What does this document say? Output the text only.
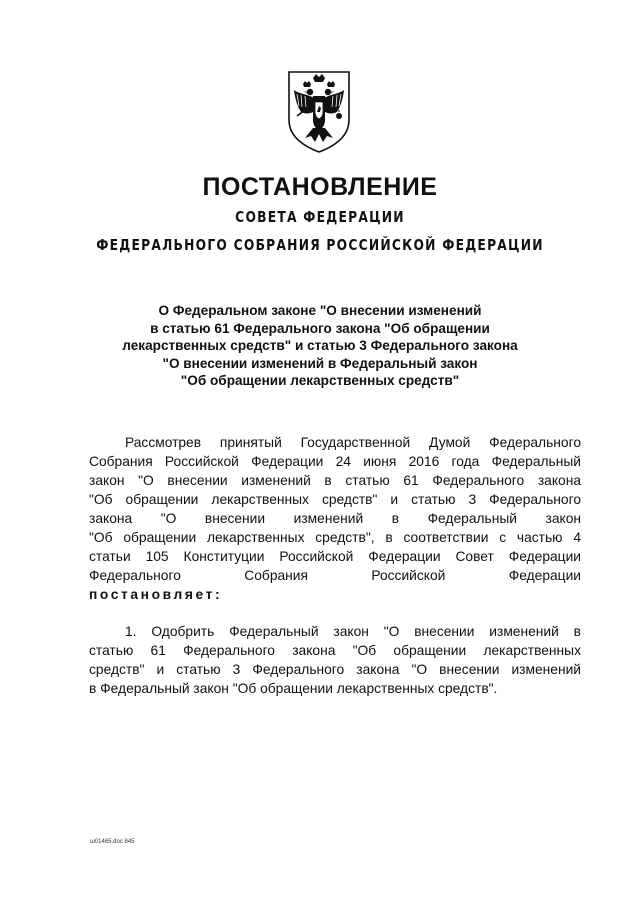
ПОСТАНОВЛЕНИЕ
СОВЕТА ФЕДЕРАЦИИ
ФЕДЕРАЛЬНОГО СОБРАНИЯ РОССИЙСКОЙ ФЕДЕРАЦИИ
О Федеральном законе "О внесении изменений
в статью 61 Федерального закона "Об обращении
лекарственных средств" и статью 3 Федерального закона
"О внесении изменений в Федеральный закон
"Об обращении лекарственных средств"
Рассмотрев принятый Государственной Думой Федерального
Собрания Российской Федерации 24 июня 2016 года Федеральный
закон "О внесении изменений в статью 61 Федерального закона
"Об обращении лекарственных средств" и статью 3 Федерального
закона "О внесении изменений в Федеральный закон
"Об обращении лекарственных средств", в соответствии с частью 4
статьи 105 Конституции Российской Федерации Совет Федерации
Федерального Собрания Российской Федерации
постановляет:
1. Одобрить Федеральный закон "О внесении изменений в
статью 61 Федерального закона "Об обращении лекарственных
средств" и статью 3 Федерального закона "О внесении изменений
в Федеральный закон "Об обращении лекарственных средств".
ш01465.doc 845
